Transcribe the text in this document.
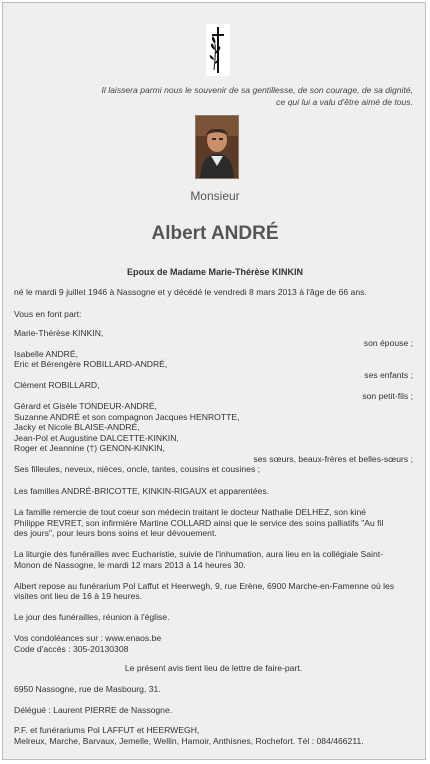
Il laissera parmi nous le souvenir de sa gentillesse, de son courage, de sa dignité,
ce qui lui a valu d'être aimé de tous.
Monsieur
Albert ANDRÉ
Epoux de Madame Marie-Thérèse KINKIN
né le mardi 9 juillet 1946 à Nassogne et y décédé le vendredi 8 mars 2013 à l'âge de 66 ans.
Vous en font part:
Marie-Thérèse KINKIN,
son épouse ;
Isabelle ANDRÉ,
Eric et Bérengère ROBILLARD-ANDRÉ,
ses enfants ;
Clément ROBILLARD,
son petit-fils ;
Gérard et Gisèle TONDEUR-ANDRÉ,
Suzanne ANDRÉ et son compagnon Jacques HENROTTE,
Jacky et Nicole BLAISE-ANDRÉ,
Jean-Pol et Augustine DALCETTE-KINKIN,
Roger et Jeannine (†) GENON-KINKIN,
ses sœurs, beaux-frères et belles-sœurs ;
Ses filleules, neveux, nièces, oncle, tantes, cousins et cousines ;
Les familles ANDRÉ-BRICOTTE, KINKIN-RIGAUX et apparentées.
La famille remercie de tout coeur son médecin traitant le docteur Nathalie DELHEZ, son kiné
Philippe REVRET, son infirmière Martine COLLARD ainsi que le service des soins palliatifs "Au fil
des jours", pour leurs bons soins et leur dévouement.
La liturgie des funérailles avec Eucharistie, suivie de l'inhumation, aura lieu en la collégiale Saint-
Monon de Nassogne, le mardi 12 mars 2013 à 14 heures 30.
Albert repose au funérarium Pol Laffut et Heerwegh, 9, rue Erène, 6900 Marche-en-Famenne où les
visites ont lieu de 16 à 19 heures.
Le jour des funérailles, réunion à l'église.
Vos condoléances sur : www.enaos.be
Code d'accès : 305-20130308
Le présent avis tient lieu de lettre de faire-part.
6950 Nassogne, rue de Masbourg, 31.
Délégué : Laurent PIERRE de Nassogne.
P.F. et funérariums Pol LAFFUT et HEERWEGH,
Melreux, Marche, Barvaux, Jemelle, Wellin, Hamoir, Anthisnes, Rochefort. Tél : 084/466211.
